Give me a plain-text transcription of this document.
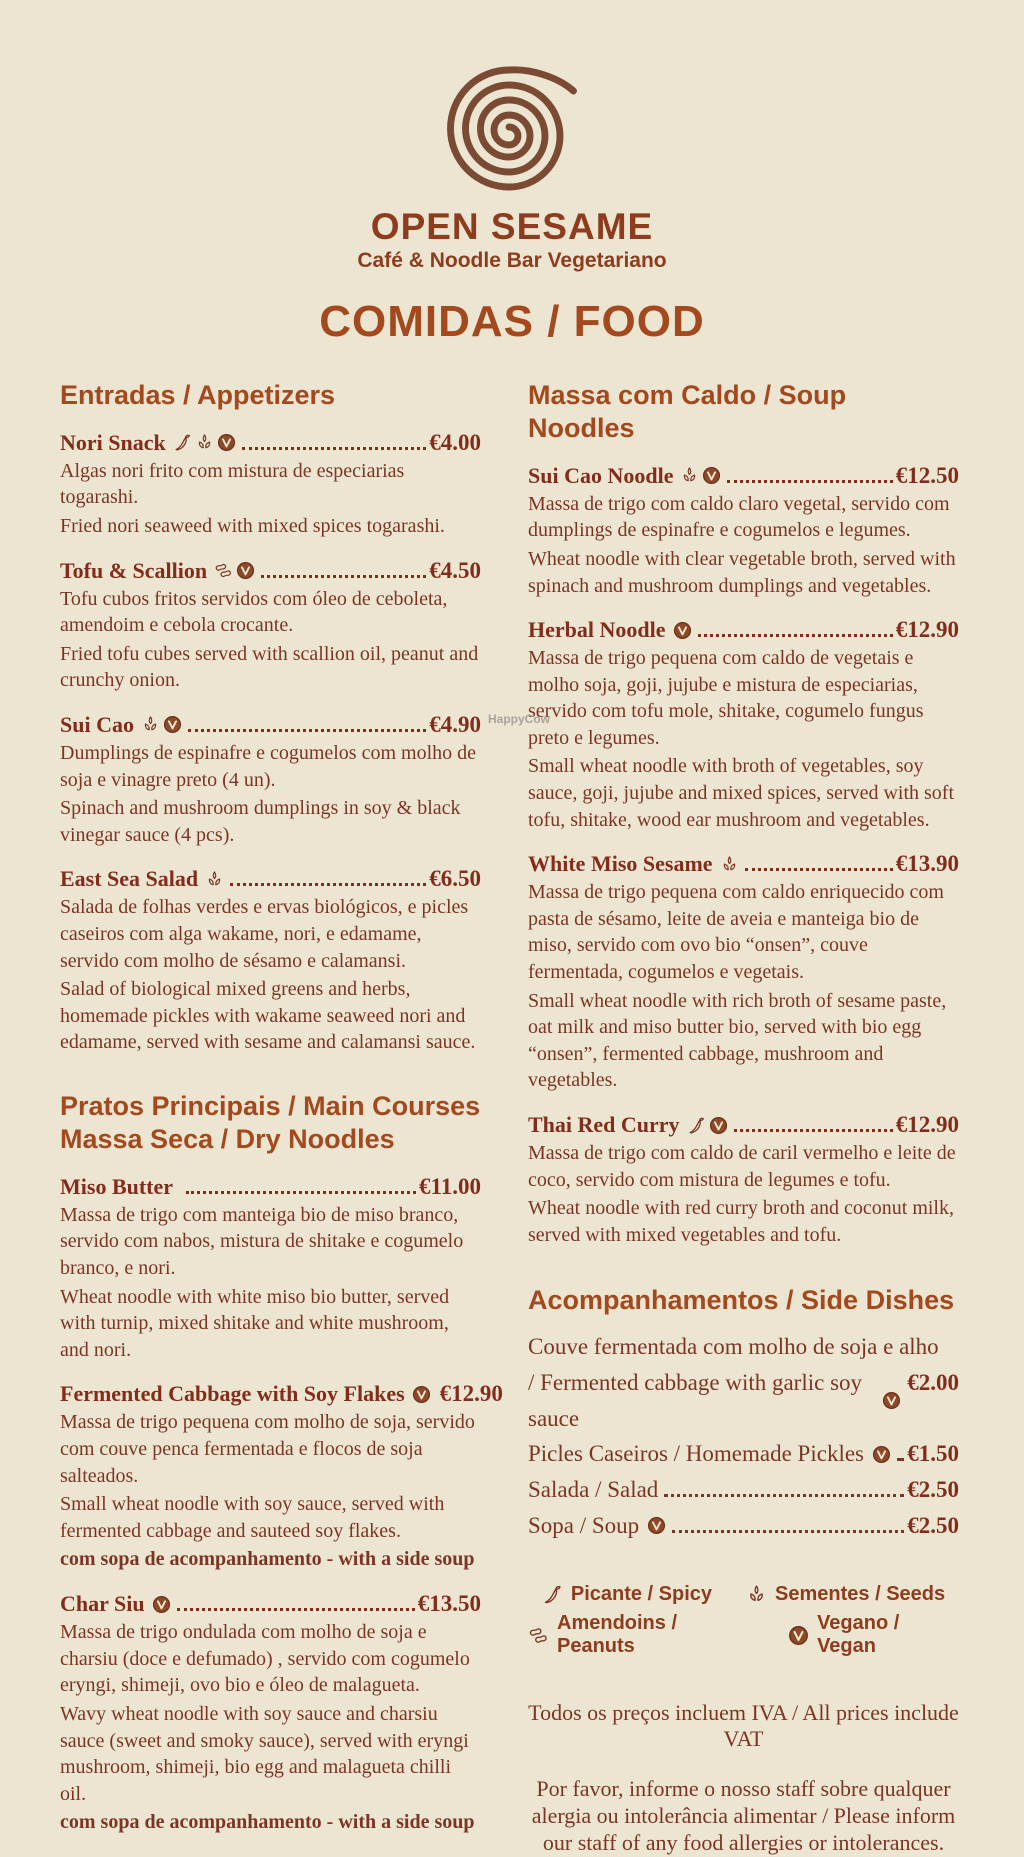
OPEN SESAME
Café & Noodle Bar Vegetariano
COMIDAS / FOOD
HappyCow
Entradas / Appetizers
Nori Snack	€4.00

Algas nori frito com mistura de especiarias togarashi.

Fried nori seaweed with mixed spices togarashi.

Tofu & Scallion	€4.50

Tofu cubos fritos servidos com óleo de ceboleta, amendoim e cebola crocante.

Fried tofu cubes served with scallion oil, peanut and crunchy onion.

Sui Cao	€4.90

Dumplings de espinafre e cogumelos com molho de soja e vinagre preto (4 un).

Spinach and mushroom dumplings in soy & black vinegar sauce (4 pcs).

East Sea Salad	€6.50

Salada de folhas verdes e ervas biológicos, e picles caseiros com alga wakame, nori, e edamame, servido com molho de sésamo e calamansi.

Salad of biological mixed greens and herbs, homemade pickles with wakame seaweed nori and edamame, served with sesame and calamansi sauce.

Pratos Principais / Main Courses
Massa Seca / Dry Noodles
Miso Butter	€11.00

Massa de trigo com manteiga bio de miso branco, servido com nabos, mistura de shitake e cogumelo branco, e nori.

Wheat noodle with white miso bio butter, served with turnip, mixed shitake and white mushroom, and nori.

Fermented Cabbage with Soy Flakes €12.90

Massa de trigo pequena com molho de soja, servido com couve penca fermentada e flocos de soja salteados.

Small wheat noodle with soy sauce, served with fermented cabbage and sauteed soy flakes.

com sopa de acompanhamento - with a side soup

Char Siu	€13.50

Massa de trigo ondulada com molho de soja e charsiu (doce e defumado) , servido com cogumelo eryngi, shimeji, ovo bio e óleo de malagueta.

Wavy wheat noodle with soy sauce and charsiu sauce (sweet and smoky sauce), served with eryngi mushroom, shimeji, bio egg and malagueta chilli oil.

com sopa de acompanhamento - with a side soup

Massa com Caldo / Soup Noodles
Sui Cao Noodle	€12.50

Massa de trigo com caldo claro vegetal, servido com dumplings de espinafre e cogumelos e legumes.

Wheat noodle with clear vegetable broth, served with spinach and mushroom dumplings and vegetables.

Herbal Noodle	€12.90

Massa de trigo pequena com caldo de vegetais e molho soja, goji, jujube e mistura de especiarias, servido com tofu mole, shitake, cogumelo fungus preto e legumes.

Small wheat noodle with broth of vegetables, soy sauce, goji, jujube and mixed spices, served with soft tofu, shitake, wood ear mushroom and vegetables.

White Miso Sesame	€13.90

Massa de trigo pequena com caldo enriquecido com pasta de sésamo, leite de aveia e manteiga bio de miso, servido com ovo bio “onsen”, couve fermentada, cogumelos e vegetais.

Small wheat noodle with rich broth of sesame paste, oat milk and miso butter bio, served with bio egg “onsen”, fermented cabbage, mushroom and vegetables.

Thai Red Curry	€12.90

Massa de trigo com caldo de caril vermelho e leite de coco, servido com mistura de legumes e tofu.

Wheat noodle with red curry broth and coconut milk, served with mixed vegetables and tofu.

Acompanhamentos / Side Dishes
Couve fermentada com molho de soja e alho
/ Fermented cabbage with garlic soy sauce
€2.00
Picles Caseiros / Homemade Pickles €1.50
Salada / Salad	€2.50
Sopa / Soup	€2.50
Picante / Spicy	Sementes / Seeds
Amendoins / Peanuts
Vegano / Vegan
Todos os preços incluem IVA / All prices include VAT
Por favor, informe o nosso staff sobre qualquer alergia ou intolerância alimentar / Please inform our staff of any food allergies or intolerances.
